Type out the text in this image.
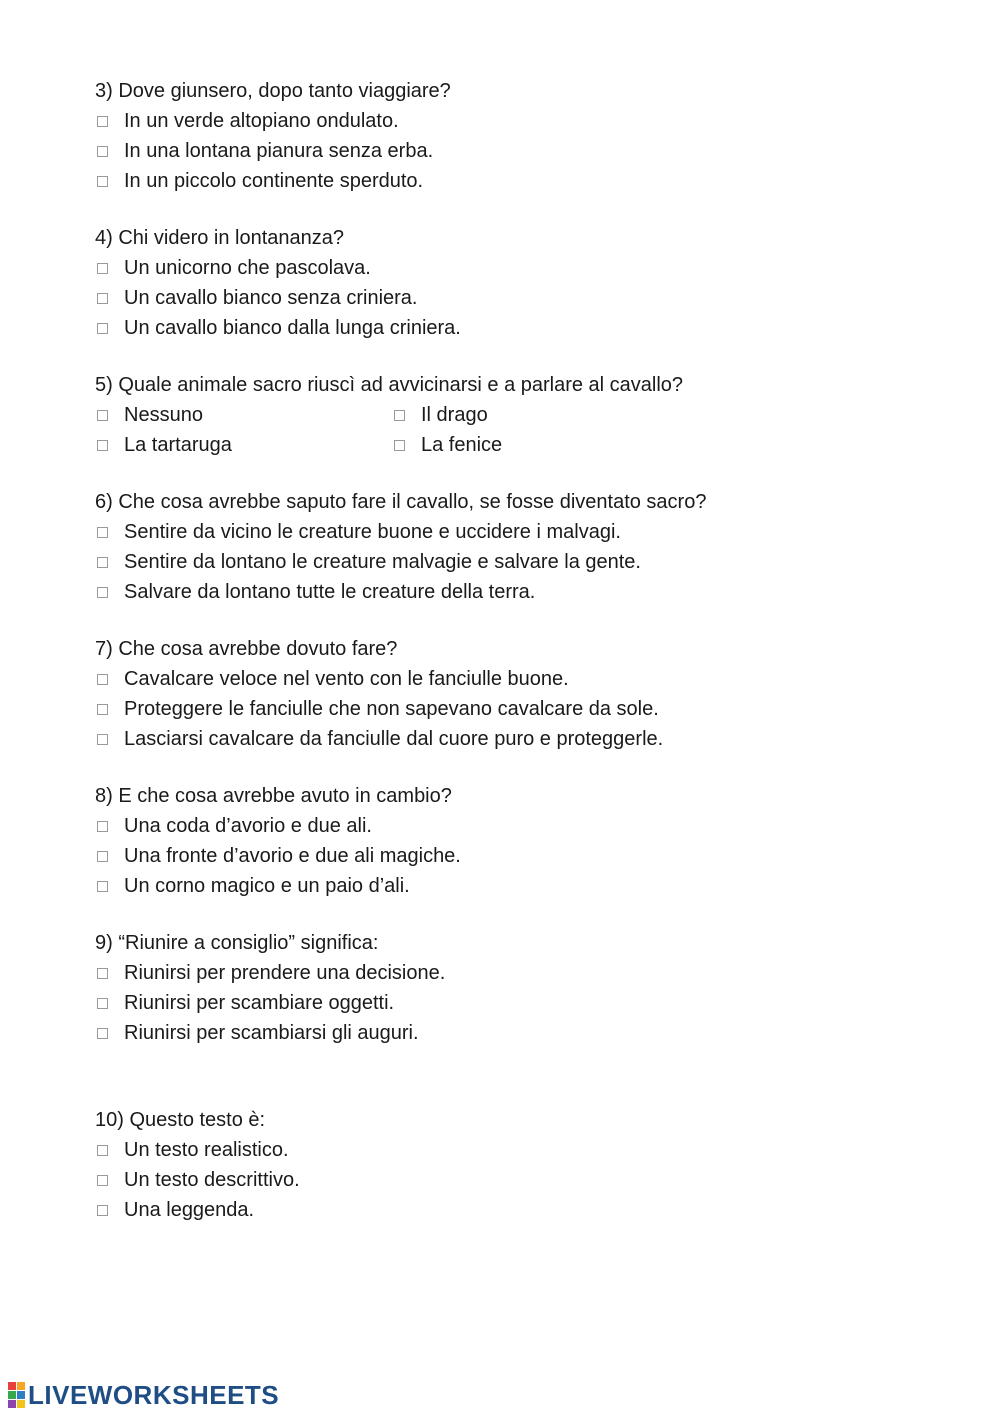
3) Dove giunsero, dopo tanto viaggiare?
In un verde altopiano ondulato.
In una lontana pianura senza erba.
In un piccolo continente sperduto.
4) Chi videro in lontananza?
Un unicorno che pascolava.
Un cavallo bianco senza criniera.
Un cavallo bianco dalla lunga criniera.
5) Quale animale sacro riuscì ad avvicinarsi e a parlare al cavallo?
Nessuno	Il drago
La tartaruga	La fenice
6) Che cosa avrebbe saputo fare il cavallo, se fosse diventato sacro?
Sentire da vicino le creature buone e uccidere i malvagi.
Sentire da lontano le creature malvagie e salvare la gente.
Salvare da lontano tutte le creature della terra.
7) Che cosa avrebbe dovuto fare?
Cavalcare veloce nel vento con le fanciulle buone.
Proteggere le fanciulle che non sapevano cavalcare da sole.
Lasciarsi cavalcare da fanciulle dal cuore puro e proteggerle.
8) E che cosa avrebbe avuto in cambio?
Una coda d’avorio e due ali.
Una fronte d’avorio e due ali magiche.
Un corno magico e un paio d’ali.
9) “Riunire a consiglio” significa:
Riunirsi per prendere una decisione.
Riunirsi per scambiare oggetti.
Riunirsi per scambiarsi gli auguri.
10) Questo testo è:
Un testo realistico.
Un testo descrittivo.
Una leggenda.
LIVEWORKSHEETS
